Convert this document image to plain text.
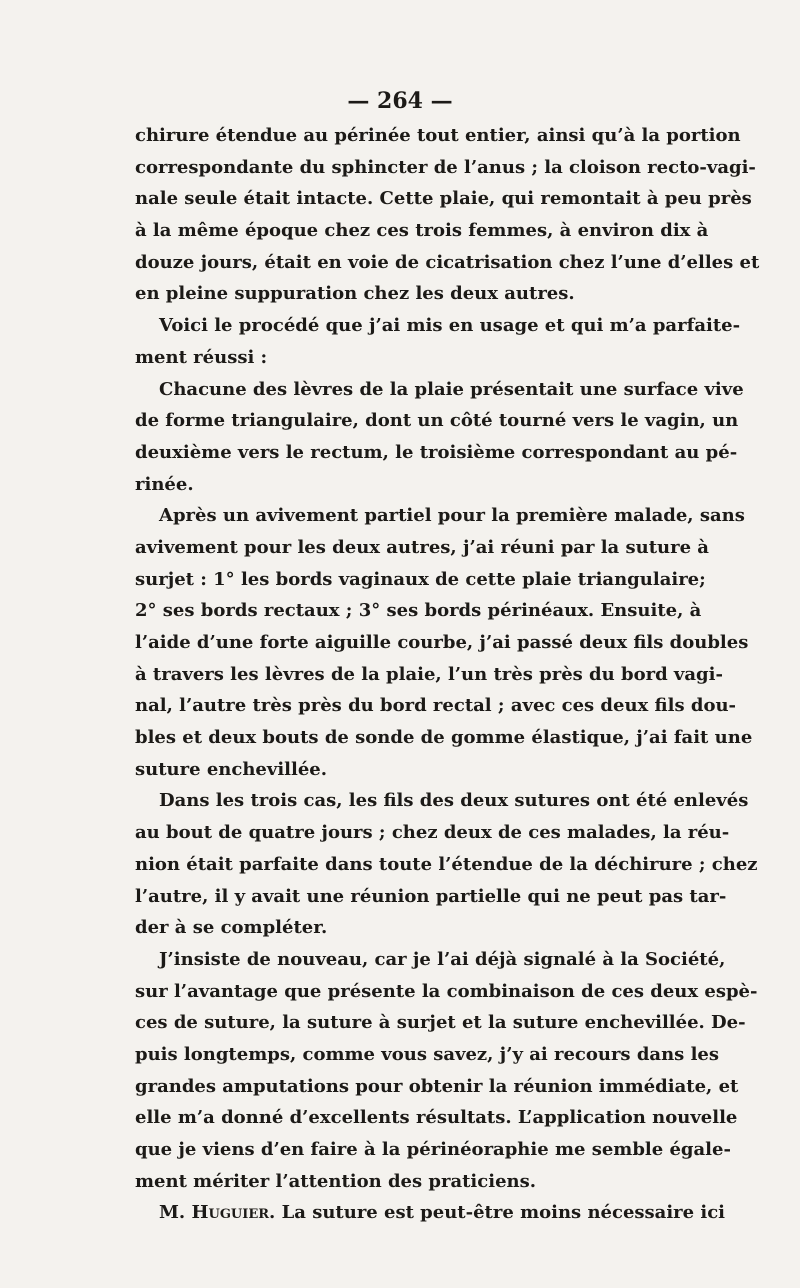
— 264 —
chirure étendue au périnée tout entier, ainsi qu’à la portion
correspondante du sphincter de l’anus ; la cloison recto-vagi-
nale seule était intacte. Cette plaie, qui remontait à peu près
à la même époque chez ces trois femmes, à environ dix à
douze jours, était en voie de cicatrisation chez l’une d’elles et
en pleine suppuration chez les deux autres.
Voici le procédé que j’ai mis en usage et qui m’a parfaite-
ment réussi :
Chacune des lèvres de la plaie présentait une surface vive
de forme triangulaire, dont un côté tourné vers le vagin, un
deuxième vers le rectum, le troisième correspondant au pé-
rinée.
Après un avivement partiel pour la première malade, sans
avivement pour les deux autres, j’ai réuni par la suture à
surjet : 1° les bords vaginaux de cette plaie triangulaire;
2° ses bords rectaux ; 3° ses bords périnéaux. Ensuite, à
l’aide d’une forte aiguille courbe, j’ai passé deux fils doubles
à travers les lèvres de la plaie, l’un très près du bord vagi-
nal, l’autre très près du bord rectal ; avec ces deux fils dou-
bles et deux bouts de sonde de gomme élastique, j’ai fait une
suture enchevillée.
Dans les trois cas, les fils des deux sutures ont été enlevés
au bout de quatre jours ; chez deux de ces malades, la réu-
nion était parfaite dans toute l’étendue de la déchirure ; chez
l’autre, il y avait une réunion partielle qui ne peut pas tar-
der à se compléter.
J’insiste de nouveau, car je l’ai déjà signalé à la Société,
sur l’avantage que présente la combinaison de ces deux espè-
ces de suture, la suture à surjet et la suture enchevillée. De-
puis longtemps, comme vous savez, j’y ai recours dans les
grandes amputations pour obtenir la réunion immédiate, et
elle m’a donné d’excellents résultats. L’application nouvelle
que je viens d’en faire à la périnéoraphie me semble égale-
ment mériter l’attention des praticiens.
M. Huguier. La suture est peut-être moins nécessaire ici
